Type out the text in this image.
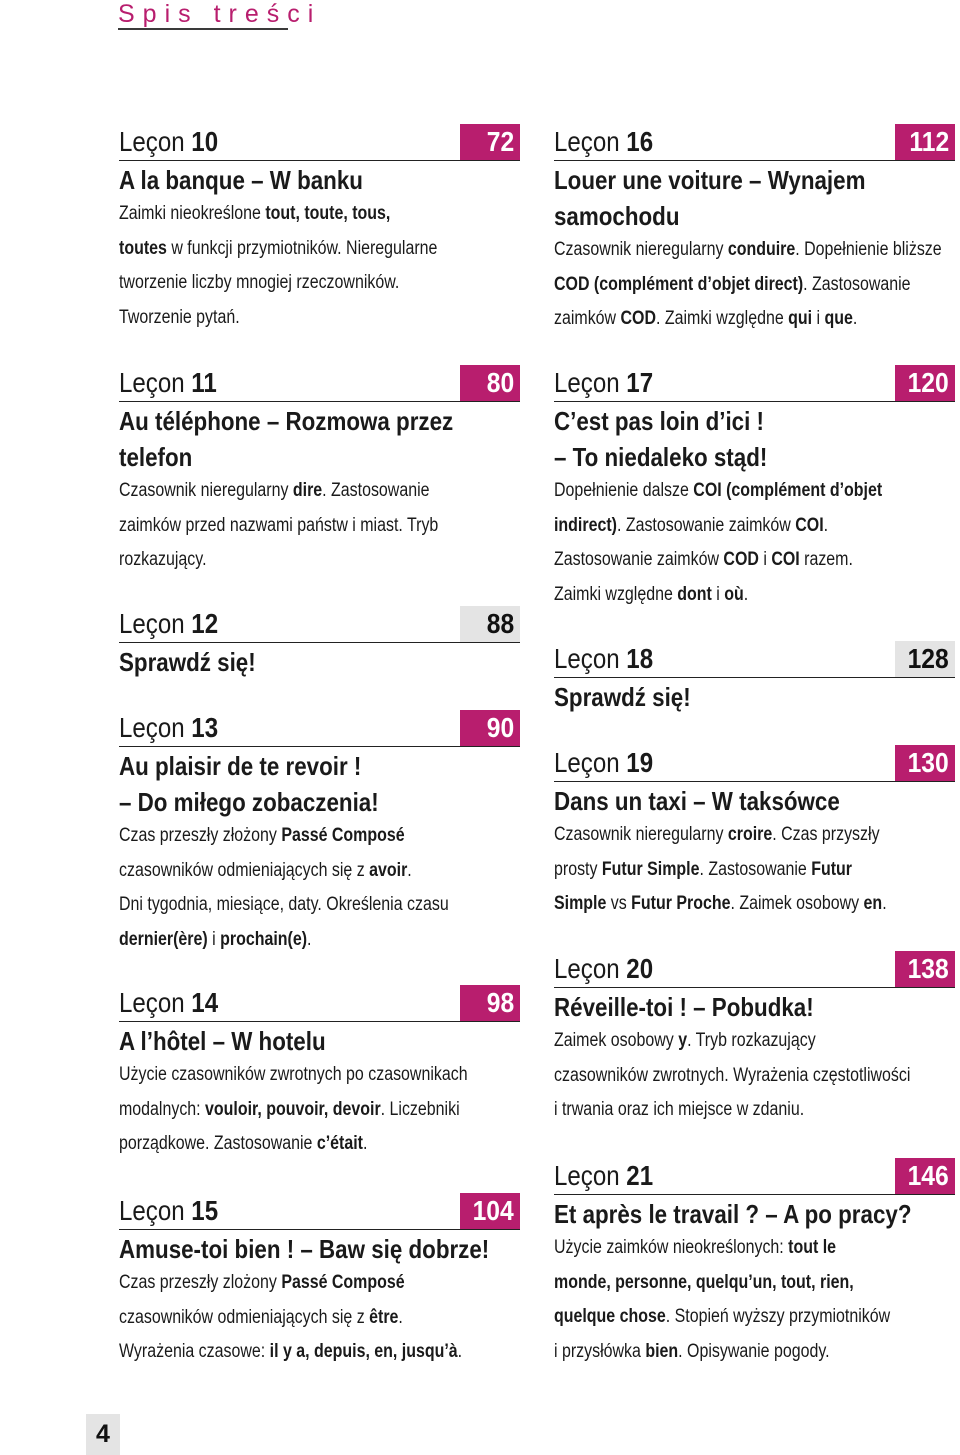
Spis treści
Leçon 10	72
A la banque – W banku
Zaimki nieokreślone tout, toute, tous,
toutes w funkcji przymiotników. Nieregularne
tworzenie liczby mnogiej rzeczowników.
Tworzenie pytań.
Leçon 11	80
Au téléphone – Rozmowa przez
telefon
Czasownik nieregularny dire. Zastosowanie
zaimków przed nazwami państw i miast. Tryb
rozkazujący.
Leçon 12	88
Sprawdź się!
Leçon 13	90
Au plaisir de te revoir !
– Do miłego zobaczenia!
Czas przeszły złożony Passé Composé
czasowników odmieniających się z avoir.
Dni tygodnia, miesiące, daty. Określenia czasu
dernier(ère) i prochain(e).
Leçon 14	98
A l’hôtel – W hotelu
Użycie czasowników zwrotnych po czasownikach
modalnych: vouloir, pouvoir, devoir. Liczebniki
porządkowe. Zastosowanie c’était.
Leçon 15	104
Amuse-toi bien ! – Baw się dobrze!
Czas przeszły zlożony Passé Composé
czasowników odmieniających się z être.
Wyrażenia czasowe: il y a, depuis, en, jusqu’à.
Leçon 16	112
Louer une voiture – Wynajem
samochodu
Czasownik nieregularny conduire. Dopełnienie bliższe
COD (complément d’objet direct). Zastosowanie
zaimków COD. Zaimki względne qui i que.
Leçon 17	120
C’est pas loin d’ici !
– To niedaleko stąd!
Dopełnienie dalsze COI (complément d’objet
indirect). Zastosowanie zaimków COI.
Zastosowanie zaimków COD i COI razem.
Zaimki względne dont i où.
Leçon 18	128
Sprawdź się!
Leçon 19	130
Dans un taxi – W taksówce
Czasownik nieregularny croire. Czas przyszły
prosty Futur Simple. Zastosowanie Futur
Simple vs Futur Proche. Zaimek osobowy en.
Leçon 20	138
Réveille-toi ! – Pobudka!
Zaimek osobowy y. Tryb rozkazujący
czasowników zwrotnych. Wyrażenia częstotliwości
i trwania oraz ich miejsce w zdaniu.
Leçon 21	146
Et après le travail ? – A po pracy?
Użycie zaimków nieokreślonych: tout le
monde, personne, quelqu’un, tout, rien,
quelque chose. Stopień wyższy przymiotników
i przysłówka bien. Opisywanie pogody.
4
